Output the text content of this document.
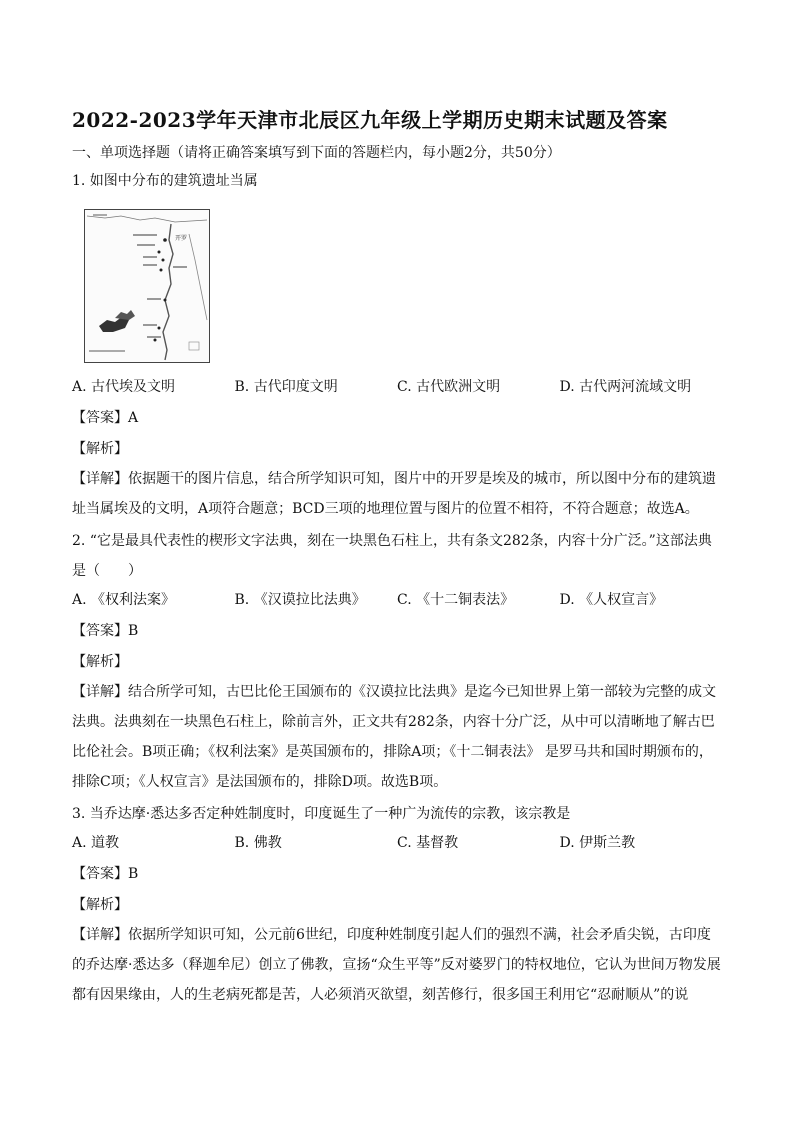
2022-2023学年天津市北辰区九年级上学期历史期末试题及答案

一、单项选择题（请将正确答案填写到下面的答题栏内，每小题2分，共50分）

1. 如图中分布的建筑遗址当属

开罗
A. 古代埃及文明	B. 古代印度文明	C. 古代欧洲文明	D. 古代两河流域文明

【答案】A

【解析】

【详解】依据题干的图片信息，结合所学知识可知，图片中的开罗是埃及的城市，所以图中分布的建筑遗址当属埃及的文明，A项符合题意；BCD三项的地理位置与图片的位置不相符，不符合题意；故选A。

2. “它是最具代表性的楔形文字法典，刻在一块黑色石柱上，共有条文282条，内容十分广泛。”这部法典是（　　）

A. 《权利法案》	B. 《汉谟拉比法典》	C. 《十二铜表法》	D. 《人权宣言》

【答案】B

【解析】

【详解】结合所学可知，古巴比伦王国颁布的《汉谟拉比法典》是迄今已知世界上第一部较为完整的成文法典。法典刻在一块黑色石柱上，除前言外，正文共有282条，内容十分广泛，从中可以清晰地了解古巴比伦社会。B项正确；《权利法案》是英国颁布的，排除A项；《十二铜表法》 是罗马共和国时期颁布的，排除C项；《人权宣言》是法国颁布的，排除D项。故选B项。

3. 当乔达摩·悉达多否定种姓制度时，印度诞生了一种广为流传的宗教，该宗教是

A. 道教	B. 佛教	C. 基督教	D. 伊斯兰教

【答案】B

【解析】

【详解】依据所学知识可知，公元前6世纪，印度种姓制度引起人们的强烈不满，社会矛盾尖锐，古印度的乔达摩·悉达多（释迦牟尼）创立了佛教，宣扬“众生平等”反对婆罗门的特权地位，它认为世间万物发展都有因果缘由，人的生老病死都是苦，人必须消灭欲望，刻苦修行，很多国王利用它“忍耐顺从”的说
